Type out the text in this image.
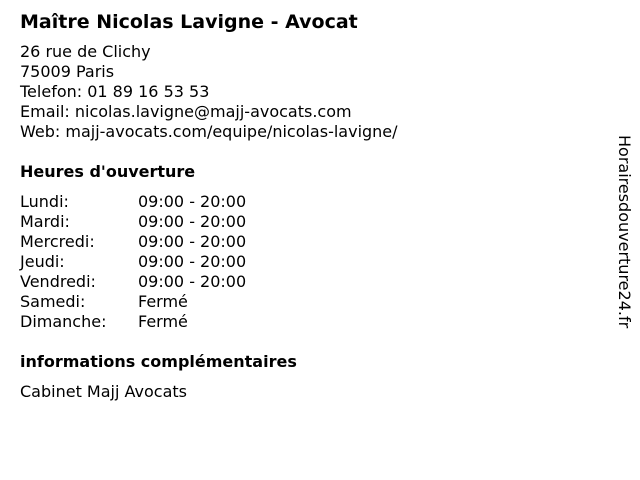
Maître Nicolas Lavigne - Avocat
26 rue de Clichy
75009 Paris
Telefon: 01 89 16 53 53
Email: nicolas.lavigne@majj-avocats.com
Web: majj-avocats.com/equipe/nicolas-lavigne/
Heures d'ouverture
Lundi:	09:00 - 20:00
Mardi:	09:00 - 20:00
Mercredi:	09:00 - 20:00
Jeudi:	09:00 - 20:00
Vendredi:	09:00 - 20:00
Samedi:	Fermé
Dimanche:	Fermé
informations complémentaires
Cabinet Majj Avocats
Horairesdouverture24.fr
